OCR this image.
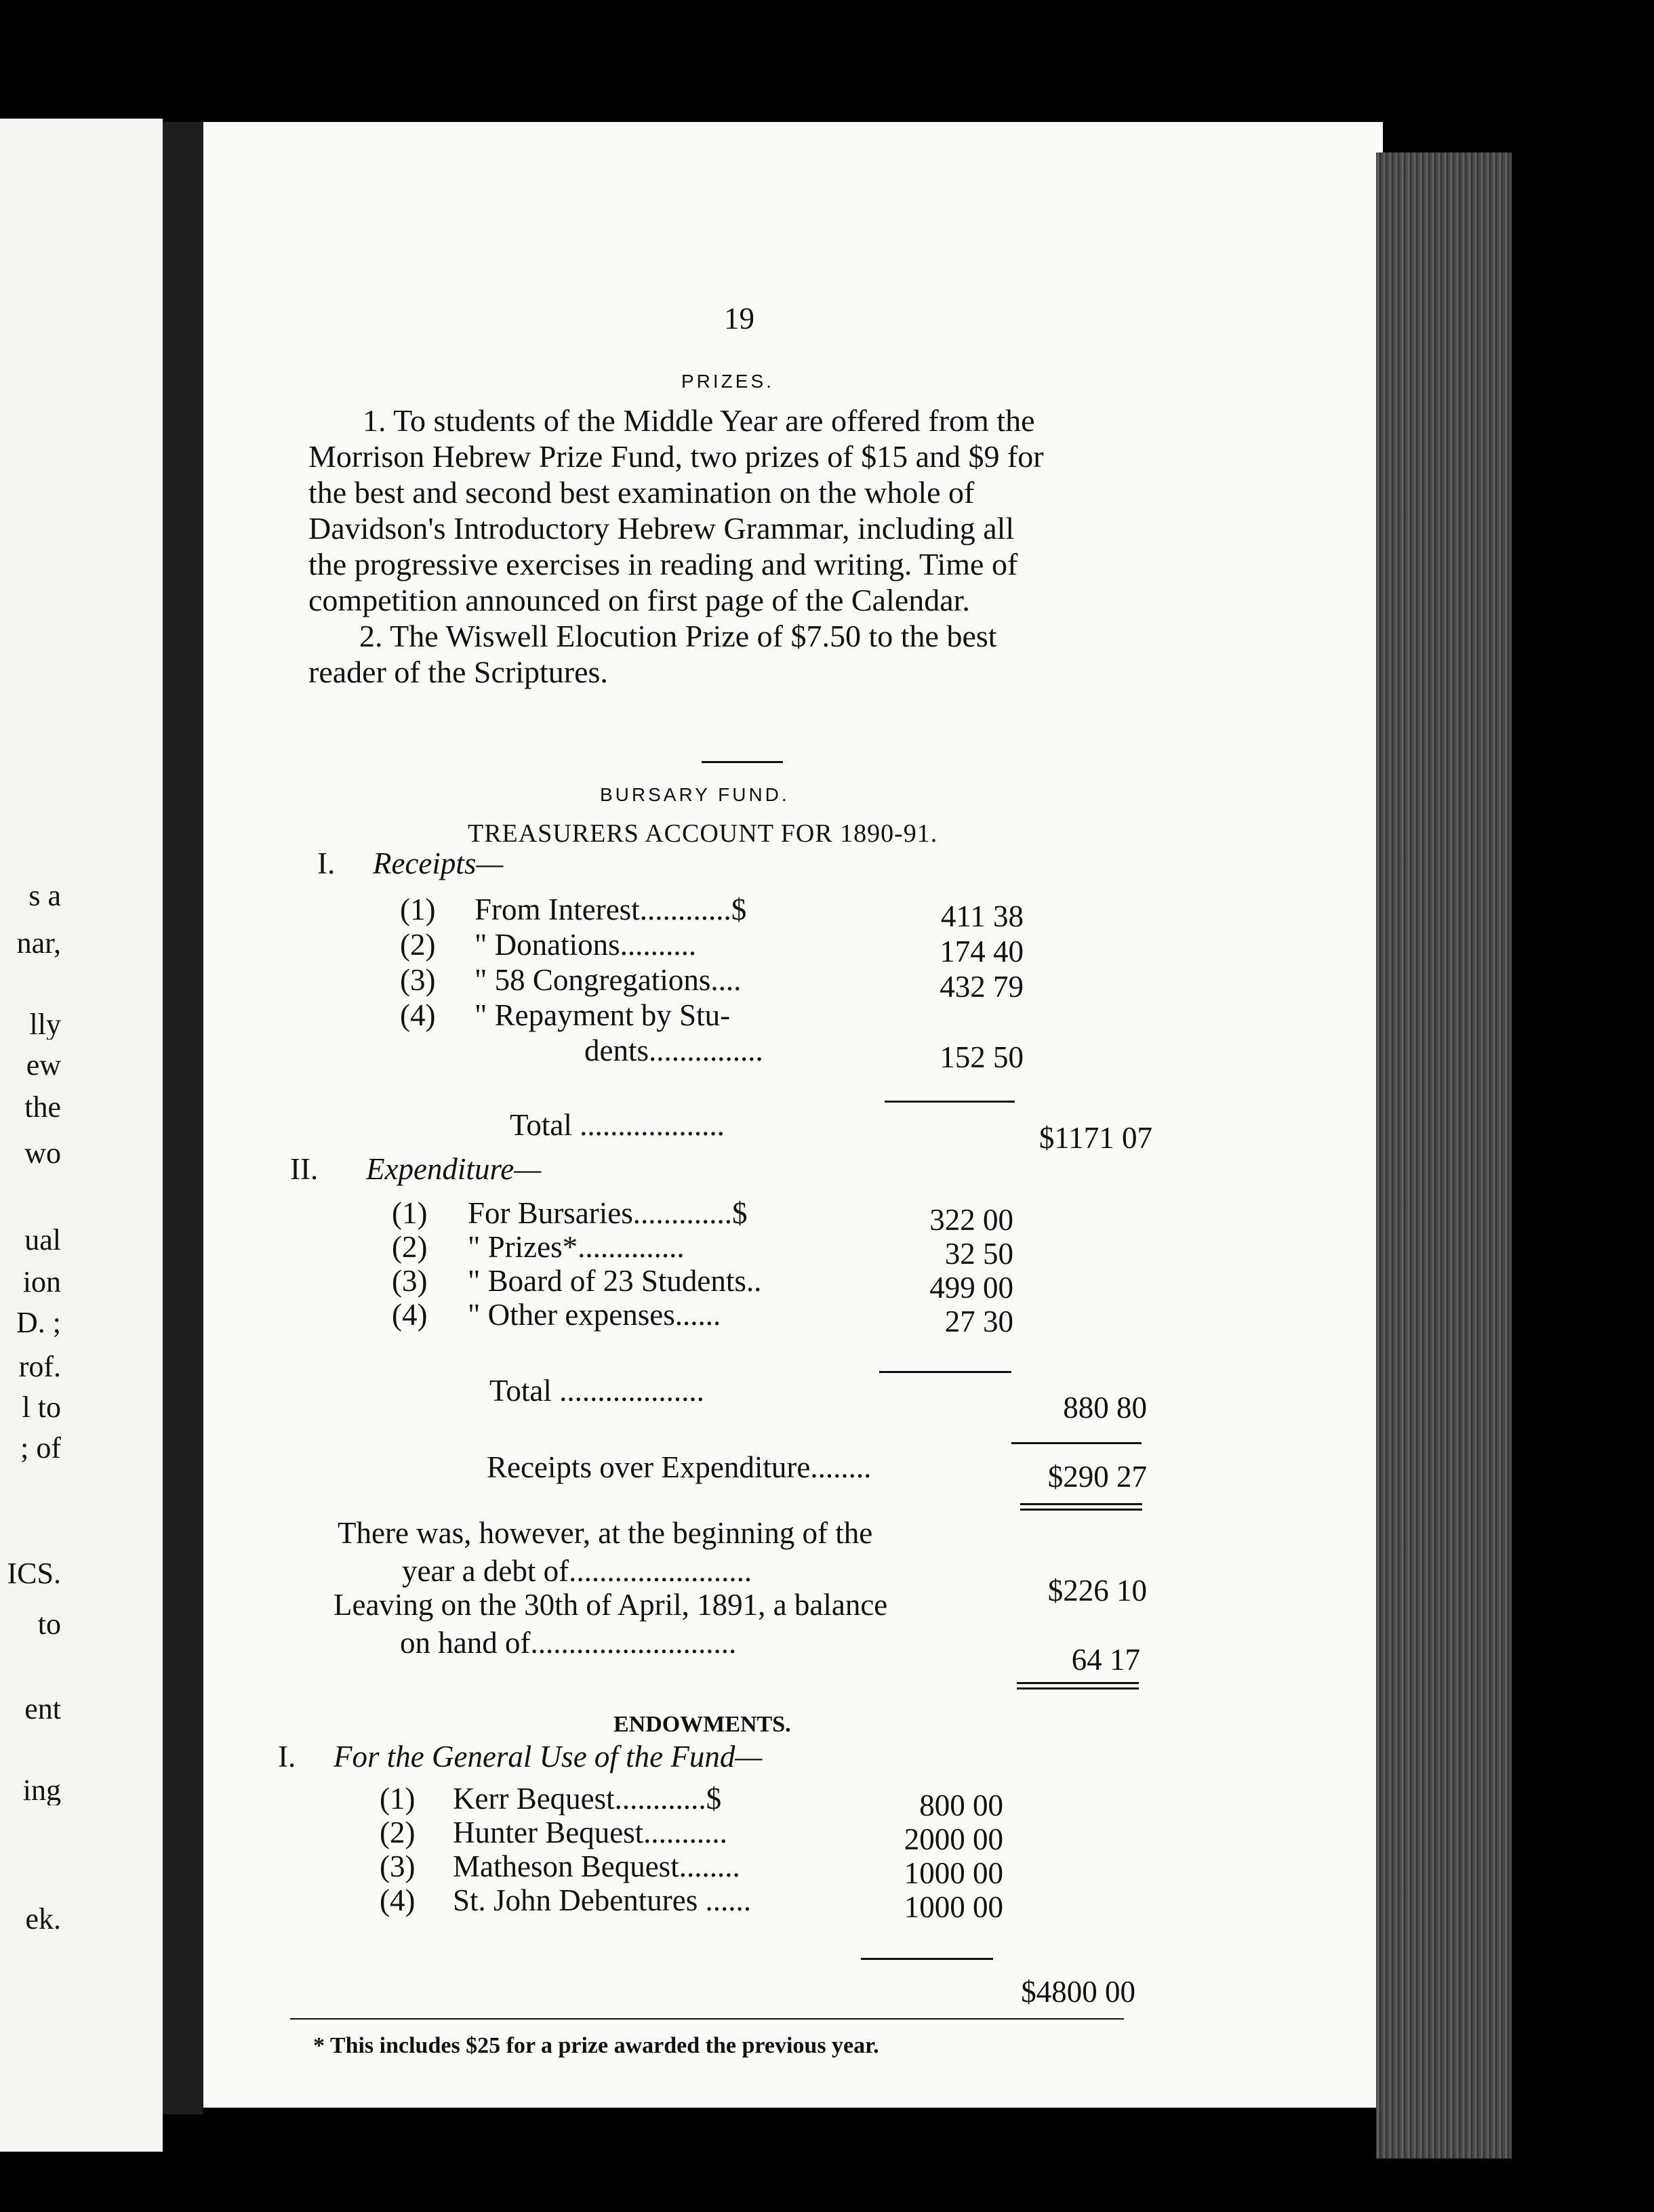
s a
nar,
lly
ew
the
wo
ual
ion
D. ;
rof.
l to
; of
ICS.
to
ent
ing
ek.
19
PRIZES.
1. To students of the Middle Year are offered from the
Morrison Hebrew Prize Fund, two prizes of $15 and $9 for
the best and second best examination on the whole of
Davidson's Introductory Hebrew Grammar, including all
the progressive exercises in reading and writing. Time of
competition announced on first page of the Calendar.
2. The Wiswell Elocution Prize of $7.50 to the best
reader of the Scriptures.
BURSARY FUND.
TREASURERS ACCOUNT FOR 1890-91.
I. Receipts—
(1) From Interest............$	411 38
(2) " Donations..........	174 40
(3) " 58 Congregations....	432 79
(4) " Repayment by Stu-
dents...............	152 50
Total ...................	$1171 07
II. Expenditure—
(1) For Bursaries.............$	322 00
(2) " Prizes*..............	32 50
(3) " Board of 23 Students..	499 00
(4) " Other expenses......	27 30
Total ...................	880 80
Receipts over Expenditure........	$290 27
There was, however, at the beginning of the
year a debt of........................
$226 10
Leaving on the 30th of April, 1891, a balance
on hand of...........................	64 17
ENDOWMENTS.
I. For the General Use of the Fund—
(1) Kerr Bequest............$	800 00
(2) Hunter Bequest...........	2000 00
(3) Matheson Bequest........	1000 00
(4) St. John Debentures ......	1000 00
$4800 00
* This includes $25 for a prize awarded the previous year.
